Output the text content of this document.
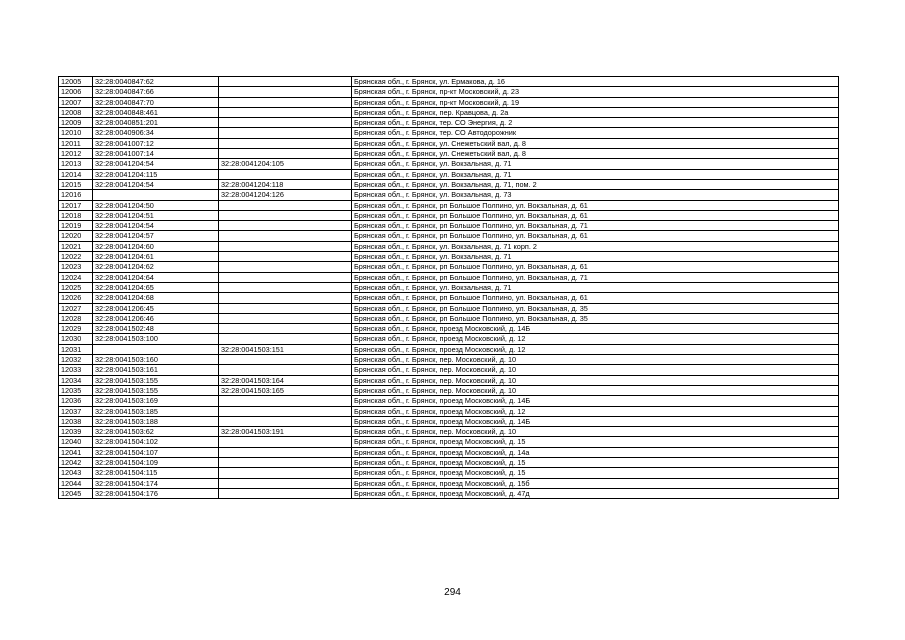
12005	32:28:0040847:62		Брянская обл., г. Брянск, ул. Ермакова, д. 16
12006	32:28:0040847:66		Брянская обл., г. Брянск, пр-кт Московский, д. 23
12007	32:28:0040847:70		Брянская обл., г. Брянск, пр-кт Московский, д. 19
12008	32:28:0040848:461		Брянская обл., г. Брянск, пер. Кравцова, д. 2а
12009	32:28:0040851:201		Брянская обл., г. Брянск, тер. СО Энергия, д. 2
12010	32:28:0040906:34		Брянская обл., г. Брянск, тер. СО Автодорожник
12011	32:28:0041007:12		Брянская обл., г. Брянск, ул. Снежетьский вал, д. 8
12012	32:28:0041007:14		Брянская обл., г. Брянск, ул. Снежетьский вал, д. 8
12013	32:28:0041204:54	32:28:0041204:105	Брянская обл., г. Брянск, ул. Вокзальная, д. 71
12014	32:28:0041204:115		Брянская обл., г. Брянск, ул. Вокзальная, д. 71
12015	32:28:0041204:54	32:28:0041204:118	Брянская обл., г. Брянск, ул. Вокзальная, д. 71, пом. 2
12016		32:28:0041204:126	Брянская обл., г. Брянск, ул. Вокзальная, д. 73
12017	32:28:0041204:50		Брянская обл., г. Брянск, рп Большое Полпино, ул. Вокзальная, д. 61
12018	32:28:0041204:51		Брянская обл., г. Брянск, рп Большое Полпино, ул. Вокзальная, д. 61
12019	32:28:0041204:54		Брянская обл., г. Брянск, рп Большое Полпино, ул. Вокзальная, д. 71
12020	32:28:0041204:57		Брянская обл., г. Брянск, рп Большое Полпино, ул. Вокзальная, д. 61
12021	32:28:0041204:60		Брянская обл., г. Брянск, ул. Вокзальная, д. 71 корп. 2
12022	32:28:0041204:61		Брянская обл., г. Брянск, ул. Вокзальная, д. 71
12023	32:28:0041204:62		Брянская обл., г. Брянск, рп Большое Полпино, ул. Вокзальная, д. 61
12024	32:28:0041204:64		Брянская обл., г. Брянск, рп Большое Полпино, ул. Вокзальная, д. 71
12025	32:28:0041204:65		Брянская обл., г. Брянск, ул. Вокзальная, д. 71
12026	32:28:0041204:68		Брянская обл., г. Брянск, рп Большое Полпино, ул. Вокзальная, д. 61
12027	32:28:0041206:45		Брянская обл., г. Брянск, рп Большое Полпино, ул. Вокзальная, д. 35
12028	32:28:0041206:46		Брянская обл., г. Брянск, рп Большое Полпино, ул. Вокзальная, д. 35
12029	32:28:0041502:48		Брянская обл., г. Брянск, проезд Московский, д. 14Б
12030	32:28:0041503:100		Брянская обл., г. Брянск, проезд Московский, д. 12
12031		32:28:0041503:151	Брянская обл., г. Брянск, проезд Московский, д. 12
12032	32:28:0041503:160		Брянская обл., г. Брянск, пер. Московский, д. 10
12033	32:28:0041503:161		Брянская обл., г. Брянск, пер. Московский, д. 10
12034	32:28:0041503:155	32:28:0041503:164	Брянская обл., г. Брянск, пер. Московский, д. 10
12035	32:28:0041503:155	32:28:0041503:165	Брянская обл., г. Брянск, пер. Московский, д. 10
12036	32:28:0041503:169		Брянская обл., г. Брянск, проезд Московский, д. 14Б
12037	32:28:0041503:185		Брянская обл., г. Брянск, проезд Московский, д. 12
12038	32:28:0041503:188		Брянская обл., г. Брянск, проезд Московский, д. 14Б
12039	32:28:0041503:62	32:28:0041503:191	Брянская обл., г. Брянск, пер. Московский, д. 10
12040	32:28:0041504:102		Брянская обл., г. Брянск, проезд Московский, д. 15
12041	32:28:0041504:107		Брянская обл., г. Брянск, проезд Московский, д. 14а
12042	32:28:0041504:109		Брянская обл., г. Брянск, проезд Московский, д. 15
12043	32:28:0041504:115		Брянская обл., г. Брянск, проезд Московский, д. 15
12044	32:28:0041504:174		Брянская обл., г. Брянск, проезд Московский, д. 15б
12045	32:28:0041504:176		Брянская обл., г. Брянск, проезд Московский, д. 47д
294
